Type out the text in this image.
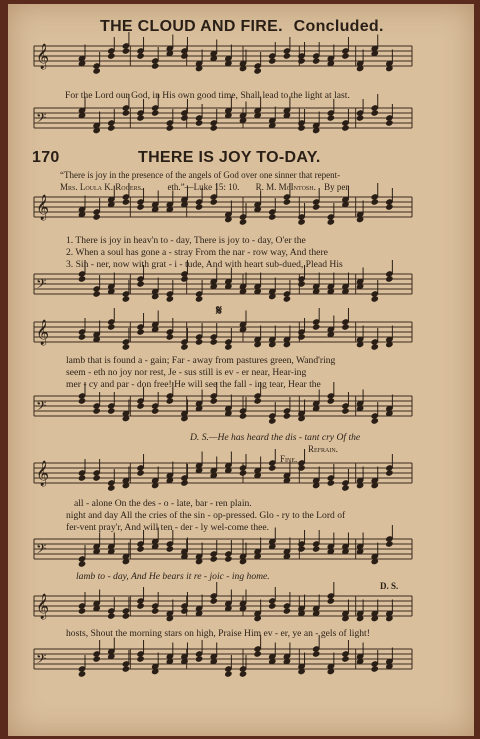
THE CLOUD AND FIRE. Concluded.
𝄞
𝄢
𝄞
𝄢
𝄞
𝄢
𝄞
𝄢
𝄞
𝄢
For the Lord our God, in His own good time, Shall lead to the light at last.
170	THERE IS JOY TO-DAY.
“There is joy in the presence of the angels of God over one sinner that repent-
Mrs. Loula K. Rogers.	eth.”—Luke 15: 10. R. M. McIntosh. By per
1. There is joy in heav'n to - day, There is joy to - day, O'er the
2. When a soul has gone a - stray From the nar - row way, And there
3. Sin - ner, now with grat - i - tude, And with heart sub-dued, Plead His
𝄋
lamb that is found a - gain; Far - away from pastures green, Wand'ring
seem - eth no joy nor rest, Je - sus still is ev - er near, Hear-ing
mer - cy and par - don free! He will see the fall - ing tear, Hear the
D. S.—He has heard the dis - tant cry Of the
Fine.
Refrain.
all - alone On the des - o - late, bar - ren plain.
night and day All the cries of the sin - op-pressed. Glo - ry to the Lord of
fer-vent pray'r, And will ten - der - ly wel-come thee.
lamb to - day, And He bears it re - joic - ing home.
D. S.
hosts, Shout the morning stars on high, Praise Him ev - er, ye an - gels of light!
